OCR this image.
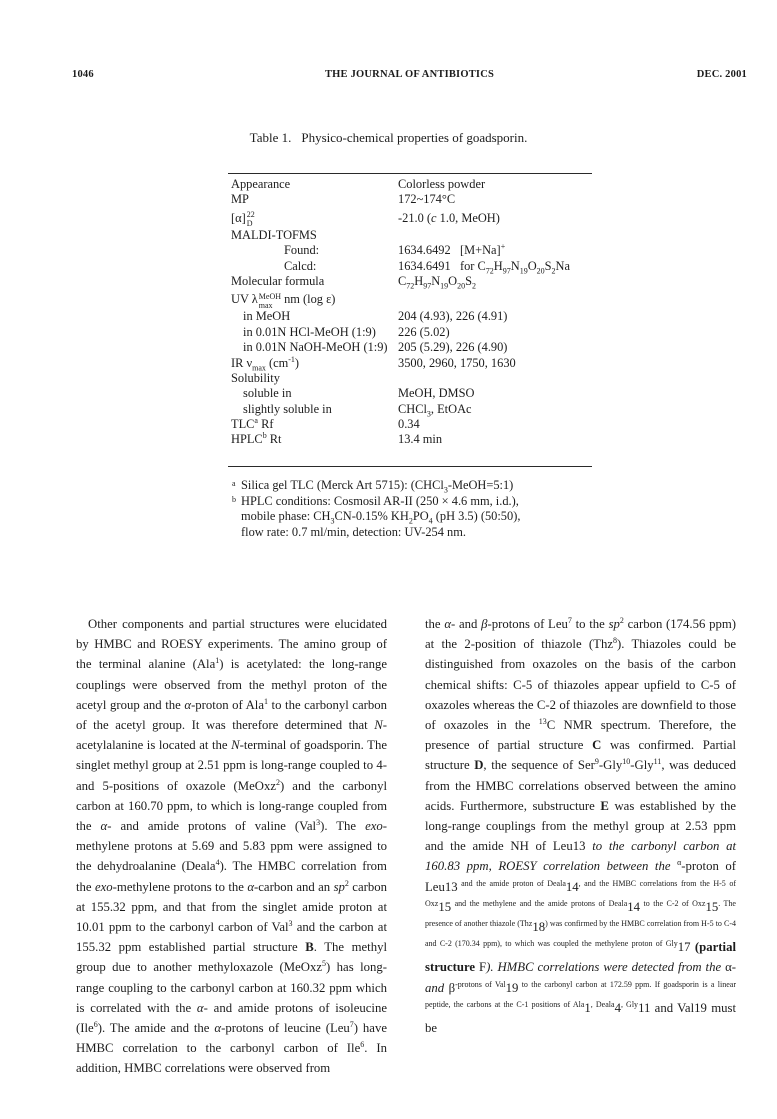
1046	THE JOURNAL OF ANTIBIOTICS	DEC. 2001
Table 1. Physico-chemical properties of goadsporin.
Appearance	Colorless powder
MP	172~174°C
[α] 22
D	-21.0 (c 1.0, MeOH)
MALDI-TOFMS
Found:	1634.6492 [M+Na]+
Calcd:	1634.6491 for $C_{72}H_{97}N_{19}O_{20}S_2Na$
Molecular formula	$C_{72}H_{97}N_{19}O_{20}S_2$
UV λ MeOH
max nm (log ε)
in MeOH	204 (4.93), 226 (4.91)
in 0.01N HCl-MeOH (1:9) 226 (5.02)
in 0.01N NaOH-MeOH (1:9) 205 (5.29), 226 (4.90)
IR $\nu_{max}$ $(cm^{-1})$	3500, 2960, 1750, 1630
Solubility
soluble in	MeOH, DMSO
slightly soluble in	CHCl$_3$, EtOAc
TLC$^a$ Rf	0.34
HPLC$^b$ Rt	13.4 min
a Silica gel TLC (Merck Art 5715): (CHCl$_3$-MeOH=5:1)
b HPLC conditions: Cosmosil AR-II (250 × 4.6 mm, i.d.),
mobile phase: $CH_3CN-0.15\%$ $KH_2PO_4$ (pH 3.5) (50:50),
flow rate: 0.7 ml/min, detection: UV-254 nm.

Other components and partial structures were elucidated by HMBC and ROESY experiments. The amino group of the terminal alanine (Ala$^1$) is acetylated: the long-range couplings were observed from the methyl proton of the acetyl group and the α-proton of Ala$^1$ to the carbonyl carbon of the acetyl group. It was therefore determined that N-acetylalanine is located at the N-terminal of goadsporin. The singlet methyl group at 2.51 ppm is long-range coupled to 4- and 5-positions of oxazole (MeOxz$^2$) and the carbonyl carbon at 160.70 ppm, to which is long-range coupled from the α- and amide protons of valine (Val$^3$). The exo-methylene protons at 5.69 and 5.83 ppm were assigned to the dehydroalanine (Deala$^4$). The HMBC correlation from the exo-methylene protons to the α-carbon and an $sp^2$ carbon at 155.32 ppm, and that from the singlet amide proton at 10.01 ppm to the carbonyl carbon of Val$^3$ and the carbon at 155.32 ppm established partial structure B. The methyl group due to another methyloxazole (MeOxz$^5$) has long-range coupling to the carbonyl carbon at 160.32 ppm which is correlated with the α- and amide protons of isoleucine (Ile$^6$). The amide and the α-protons of leucine (Leu$^7$) have HMBC correlation to the carbonyl carbon of Ile$^6$. In addition, HMBC correlations were observed from

the α- and β-protons of Leu$^7$ to the $sp^2$ carbon (174.56 ppm) at the 2-position of thiazole (Thz$^8$). Thiazoles could be distinguished from oxazoles on the basis of the carbon chemical shifts: C-5 of thiazoles appear upfield to C-5 of oxazoles whereas the C-2 of thiazoles are downfield to those of oxazoles in the $^{13}$C NMR spectrum. Therefore, the presence of partial structure C was confirmed. Partial structure D, the sequence of Ser$^9$-Gly$^{10}$-Gly$^{11}$, was deduced from the HMBC correlations observed between the amino acids. Furthermore, substructure E was established by the long-range couplings from the methyl group at 2.53 ppm and the amide NH of Leu13 to the carbonyl carbon at 160.83 ppm, ROESY correlation between the $^\alpha$-proton of Leu13 $^{and the amide proton of Deala}14^{, and the HMBC correlations from the H-5 of Oxz}15$ $^{and the methylene and the amide protons of Deala}$14 $^{to the C-2 of Oxz}15^{. The presence of another thiazole (Thz}18^{) was confirmed by the HMBC correlation from H-5 to C-4 and C-2 (170.34 ppm), to which was coupled the methylene proton of Gly}17$ (partial structure F). HMBC correlations were detected from the α- and $\beta^{-protons of Val}19$ $^{to the carbonyl carbon at 172.59 ppm. If goadsporin is a linear peptide, the carbons at the C-1 positions of Ala}1^{, Deala}4^{, Gly}11$ and Val19 must be
